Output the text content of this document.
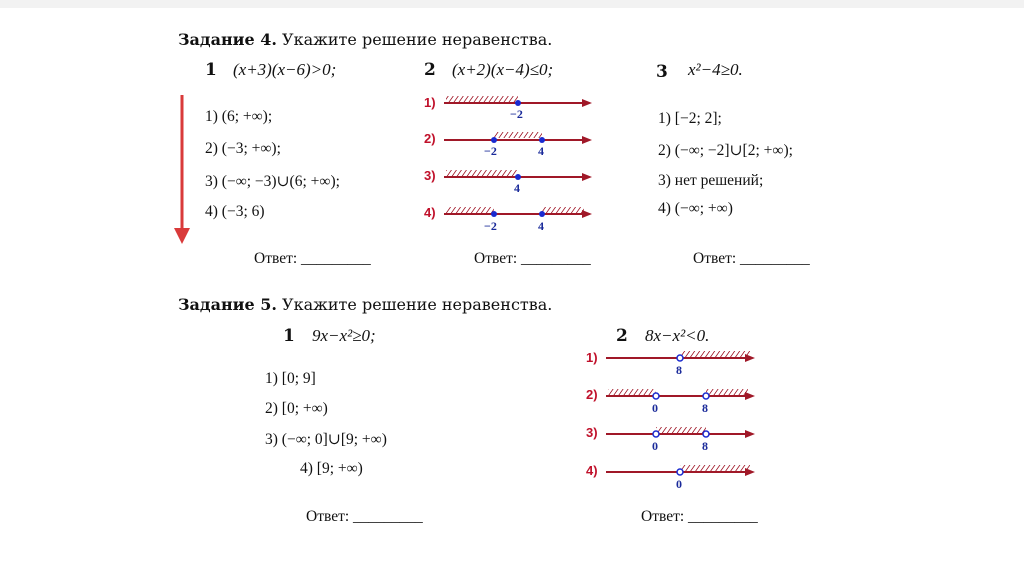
Задание 4. Укажите решение неравенства.
1 (x+3)(x−6)>0;
1) (6; +∞);
2) (−3; +∞);
3) (−∞; −3)∪(6; +∞);
4) (−3; 6)
Ответ: _________
2 (x+2)(x−4)≤0;
Ответ: _________
3 x²−4≥0.
1) [−2; 2];
2) (−∞; −2]∪[2; +∞);
3) нет решений;
4) (−∞; +∞)
Ответ: _________
Задание 5. Укажите решение неравенства.
1 9x−x²≥0;
1) [0; 9]
2) [0; +∞)
3) (−∞; 0]∪[9; +∞)
4) [9; +∞)
Ответ: _________
2 8x−x²<0.
Ответ: _________
1)
−2
2)
−2	4
3)
4
4)
−2	4
1)
8
2)
0	8
3)
0	8
4)
0
